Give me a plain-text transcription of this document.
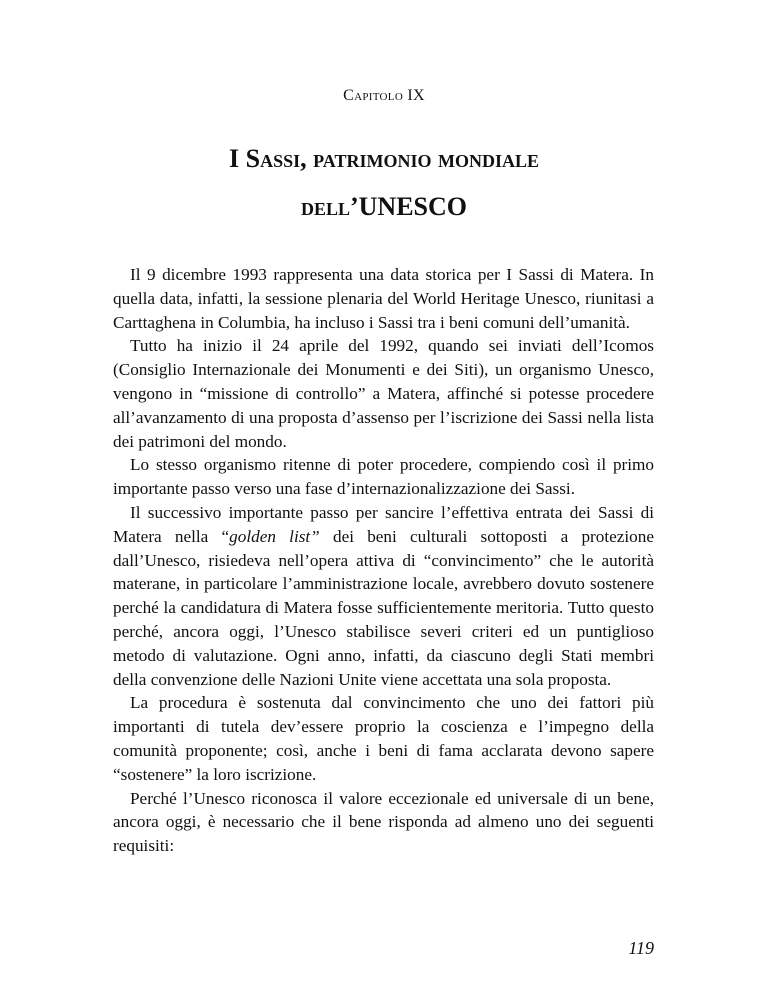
Capitolo IX
I Sassi, patrimonio mondiale
dell’UNESCO

Il 9 dicembre 1993 rappresenta una data storica per I Sassi di Matera. In quella data, infatti, la sessione plenaria del World Heritage Unesco, riunitasi a Carttaghena in Columbia, ha incluso i Sassi tra i beni comuni dell’umanità.

Tutto ha inizio il 24 aprile del 1992, quando sei inviati dell’Icomos (Consiglio Internazionale dei Monumenti e dei Siti), un organismo Unesco, vengono in “missione di controllo” a Matera, affinché si potesse procedere all’avanzamento di una proposta d’assenso per l’iscrizione dei Sassi nella lista dei patrimoni del mondo.

Lo stesso organismo ritenne di poter procedere, compiendo così il primo importante passo verso una fase d’internazionalizzazione dei Sassi.

Il successivo importante passo per sancire l’effettiva entrata dei Sassi di Matera nella “golden list” dei beni culturali sottoposti a protezione dall’Unesco, risiedeva nell’opera attiva di “convincimento” che le autorità materane, in particolare l’amministrazione locale, avrebbero dovuto sostenere perché la candidatura di Matera fosse sufficientemente meritoria. Tutto questo perché, ancora oggi, l’Unesco stabilisce severi criteri ed un puntiglioso metodo di valutazione. Ogni anno, infatti, da ciascuno degli Stati membri della convenzione delle Nazioni Unite viene accettata una sola proposta.

La procedura è sostenuta dal convincimento che uno dei fattori più importanti di tutela dev’essere proprio la coscienza e l’impegno della comunità proponente; così, anche i beni di fama acclarata devono sapere “sostenere” la loro iscrizione.

Perché l’Unesco riconosca il valore eccezionale ed universale di un bene, ancora oggi, è necessario che il bene risponda ad almeno uno dei seguenti requisiti:

119
